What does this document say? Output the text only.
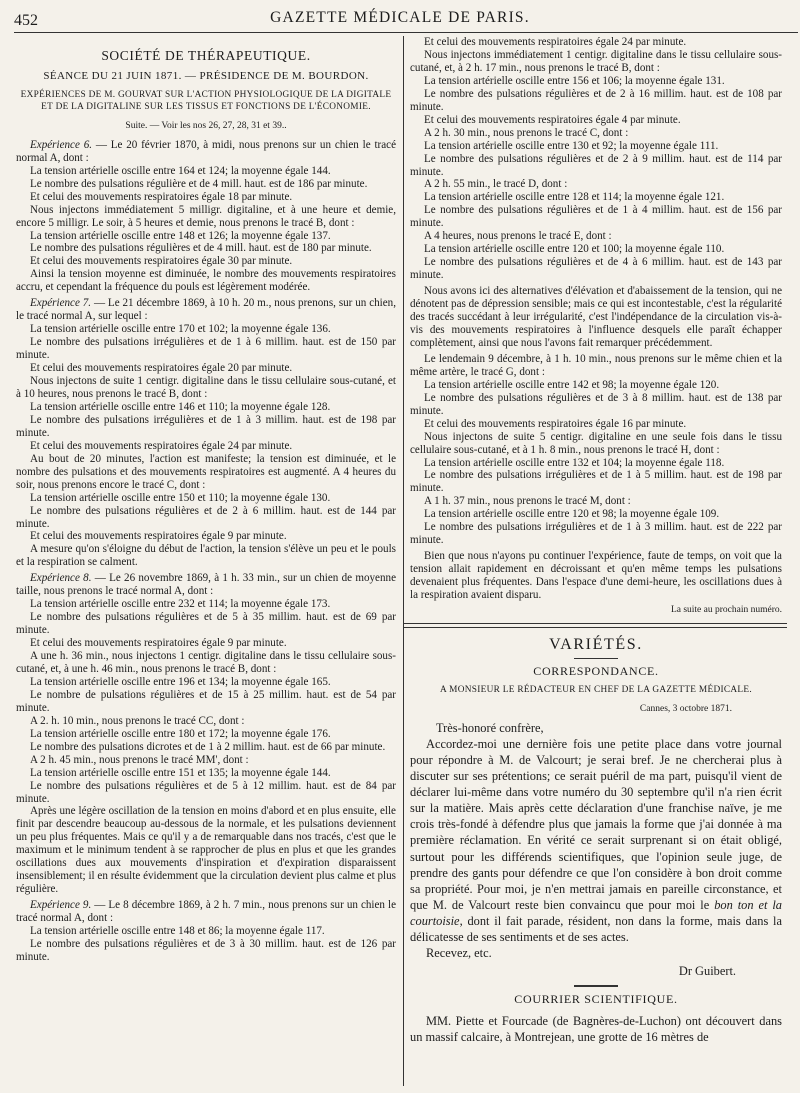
452	GAZETTE MÉDICALE DE PARIS.
SOCIÉTÉ DE THÉRAPEUTIQUE.
SÉANCE DU 21 JUIN 1871. — PRÉSIDENCE DE M. BOURDON.
EXPÉRIENCES DE M. GOURVAT SUR L'ACTION PHYSIOLOGIQUE DE LA DIGITALE ET DE LA DIGITALINE SUR LES TISSUS ET FONCTIONS DE L'ÉCONOMIE.
Suite. — Voir les nos 26, 27, 28, 31 et 39..

Expérience 6. — Le 20 février 1870, à midi, nous prenons sur un chien le tracé normal A, dont :

La tension artérielle oscille entre 164 et 124; la moyenne égale 144.

Le nombre des pulsations régulière et de 4 mill. haut. est de 186 par minute.

Et celui des mouvements respiratoires égale 18 par minute.

Nous injectons immédiatement 5 milligr. digitaline, et à une heure et demie, encore 5 milligr. Le soir, à 5 heures et demie, nous prenons le tracé B, dont :

La tension artérielle oscille entre 148 et 126; la moyenne égale 137.

Le nombre des pulsations régulières et de 4 mill. haut. est de 180 par minute.

Et celui des mouvements respiratoires égale 30 par minute.

Ainsi la tension moyenne est diminuée, le nombre des mouvements respiratoires accru, et cependant la fréquence du pouls est légèrement modérée.

Expérience 7. — Le 21 décembre 1869, à 10 h. 20 m., nous prenons, sur un chien, le tracé normal A, sur lequel :

La tension artérielle oscille entre 170 et 102; la moyenne égale 136.

Le nombre des pulsations irrégulières et de 1 à 6 millim. haut. est de 150 par minute.

Et celui des mouvements respiratoires égale 20 par minute.

Nous injectons de suite 1 centigr. digitaline dans le tissu cellulaire sous-cutané, et à 10 heures, nous prenons le tracé B, dont :

La tension artérielle oscille entre 146 et 110; la moyenne égale 128.

Le nombre des pulsations irrégulières et de 1 à 3 millim. haut. est de 198 par minute.

Et celui des mouvements respiratoires égale 24 par minute.

Au bout de 20 minutes, l'action est manifeste; la tension est diminuée, et le nombre des pulsations et des mouvements respiratoires est augmenté. A 4 heures du soir, nous prenons encore le tracé C, dont :

La tension artérielle oscille entre 150 et 110; la moyenne égale 130.

Le nombre des pulsations régulières et de 2 à 6 millim. haut. est de 144 par minute.

Et celui des mouvements respiratoires égale 9 par minute.

A mesure qu'on s'éloigne du début de l'action, la tension s'élève un peu et le pouls et la respiration se calment.

Expérience 8. — Le 26 novembre 1869, à 1 h. 33 min., sur un chien de moyenne taille, nous prenons le tracé normal A, dont :

La tension artérielle oscille entre 232 et 114; la moyenne égale 173.

Le nombre des pulsations régulières et de 5 à 35 millim. haut. est de 69 par minute.

Et celui des mouvements respiratoires égale 9 par minute.

A une h. 36 min., nous injectons 1 centigr. digitaline dans le tissu cellulaire sous-cutané, et, à une h. 46 min., nous prenons le tracé B, dont :

La tension artérielle oscille entre 196 et 134; la moyenne égale 165.

Le nombre de pulsations régulières et de 15 à 25 millim. haut. est de 54 par minute.

A 2. h. 10 min., nous prenons le tracé CC, dont :

La tension artérielle oscille entre 180 et 172; la moyenne égale 176.

Le nombre des pulsations dicrotes et de 1 à 2 millim. haut. est de 66 par minute.

A 2 h. 45 min., nous prenons le tracé MM', dont :

La tension artérielle oscille entre 151 et 135; la moyenne égale 144.

Le nombre des pulsations régulières et de 5 à 12 millim. haut. est de 84 par minute.

Après une légère oscillation de la tension en moins d'abord et en plus ensuite, elle finit par descendre beaucoup au-dessous de la normale, et les pulsations deviennent un peu plus fréquentes. Mais ce qu'il y a de remarquable dans nos tracés, c'est que le maximum et le minimum tendent à se rapprocher de plus en plus et que les grandes oscillations dues aux mouvements d'inspiration et d'expiration disparaissent insensiblement; il en résulte évidemment que la circulation devient plus calme et plus régulière.

Expérience 9. — Le 8 décembre 1869, à 2 h. 7 min., nous prenons sur un chien le tracé normal A, dont :

La tension artérielle oscille entre 148 et 86; la moyenne égale 117.

Le nombre des pulsations régulières et de 3 à 30 millim. haut. est de 126 par minute.

Et celui des mouvements respiratoires égale 24 par minute.

Nous injectons immédiatement 1 centigr. digitaline dans le tissu cellulaire sous-cutané, et, à 2 h. 17 min., nous prenons le tracé B, dont :

La tension artérielle oscille entre 156 et 106; la moyenne égale 131.

Le nombre des pulsations régulières et de 2 à 16 millim. haut. est de 108 par minute.

Et celui des mouvements respiratoires égale 4 par minute.

A 2 h. 30 min., nous prenons le tracé C, dont :

La tension artérielle oscille entre 130 et 92; la moyenne égale 111.

Le nombre des pulsations régulières et de 2 à 9 millim. haut. est de 114 par minute.

A 2 h. 55 min., le tracé D, dont :

La tension artérielle oscille entre 128 et 114; la moyenne égale 121.

Le nombre des pulsations régulières et de 1 à 4 millim. haut. est de 156 par minute.

A 4 heures, nous prenons le tracé E, dont :

La tension artérielle oscille entre 120 et 100; la moyenne égale 110.

Le nombre des pulsations régulières et de 4 à 6 millim. haut. est de 143 par minute.

Nous avons ici des alternatives d'élévation et d'abaissement de la tension, qui ne dénotent pas de dépression sensible; mais ce qui est incontestable, c'est la régularité des tracés succédant à leur irrégularité, c'est l'indépendance de la circulation vis-à-vis des mouvements respiratoires à l'influence desquels elle paraît échapper complètement, ainsi que nous l'avons fait remarquer précédemment.

Le lendemain 9 décembre, à 1 h. 10 min., nous prenons sur le même chien et la même artère, le tracé G, dont :

La tension artérielle oscille entre 142 et 98; la moyenne égale 120.

Le nombre des pulsations régulières et de 3 à 8 millim. haut. est de 138 par minute.

Et celui des mouvements respiratoires égale 16 par minute.

Nous injectons de suite 5 centigr. digitaline en une seule fois dans le tissu cellulaire sous-cutané, et à 1 h. 8 min., nous prenons le tracé H, dont :

La tension artérielle oscille entre 132 et 104; la moyenne égale 118.

Le nombre des pulsations irrégulières et de 1 à 5 millim. haut. est de 198 par minute.

A 1 h. 37 min., nous prenons le tracé M, dont :

La tension artérielle oscille entre 120 et 98; la moyenne égale 109.

Le nombre des pulsations irrégulières et de 1 à 3 millim. haut. est de 222 par minute.

Bien que nous n'ayons pu continuer l'expérience, faute de temps, on voit que la tension allait rapidement en décroissant et qu'en même temps les pulsations devenaient plus fréquentes. Dans l'espace d'une demi-heure, les oscillations dues à la respiration avaient disparu.

La suite au prochain numéro.
VARIÉTÉS.
CORRESPONDANCE.
A MONSIEUR LE RÉDACTEUR EN CHEF DE LA GAZETTE MÉDICALE.
Cannes, 3 octobre 1871.

Très-honoré confrère,

Accordez-moi une dernière fois une petite place dans votre journal pour répondre à M. de Valcourt; je serai bref. Je ne chercherai plus à discuter sur ses prétentions; ce serait puéril de ma part, puisqu'il vient de déclarer lui-même dans votre numéro du 30 septembre qu'il n'a rien écrit sur la matière. Mais après cette déclaration d'une franchise naïve, je me crois très-fondé à défendre plus que jamais la forme que j'ai donnée à ma première réclamation. En vérité ce serait surprenant si on était obligé, surtout pour les différends scientifiques, que l'opinion seule juge, de prendre des gants pour défendre ce que l'on considère à bon droit comme sa propriété. Pour moi, je n'en mettrai jamais en pareille circonstance, et que M. de Valcourt reste bien convaincu que pour moi le bon ton et la courtoisie, dont il fait parade, résident, non dans la forme, mais dans la délicatesse de ses sentiments et de ses actes.

Recevez, etc.

Dr Guibert.
COURRIER SCIENTIFIQUE.

MM. Piette et Fourcade (de Bagnères-de-Luchon) ont découvert dans un massif calcaire, à Montrejean, une grotte de 16 mètres de
